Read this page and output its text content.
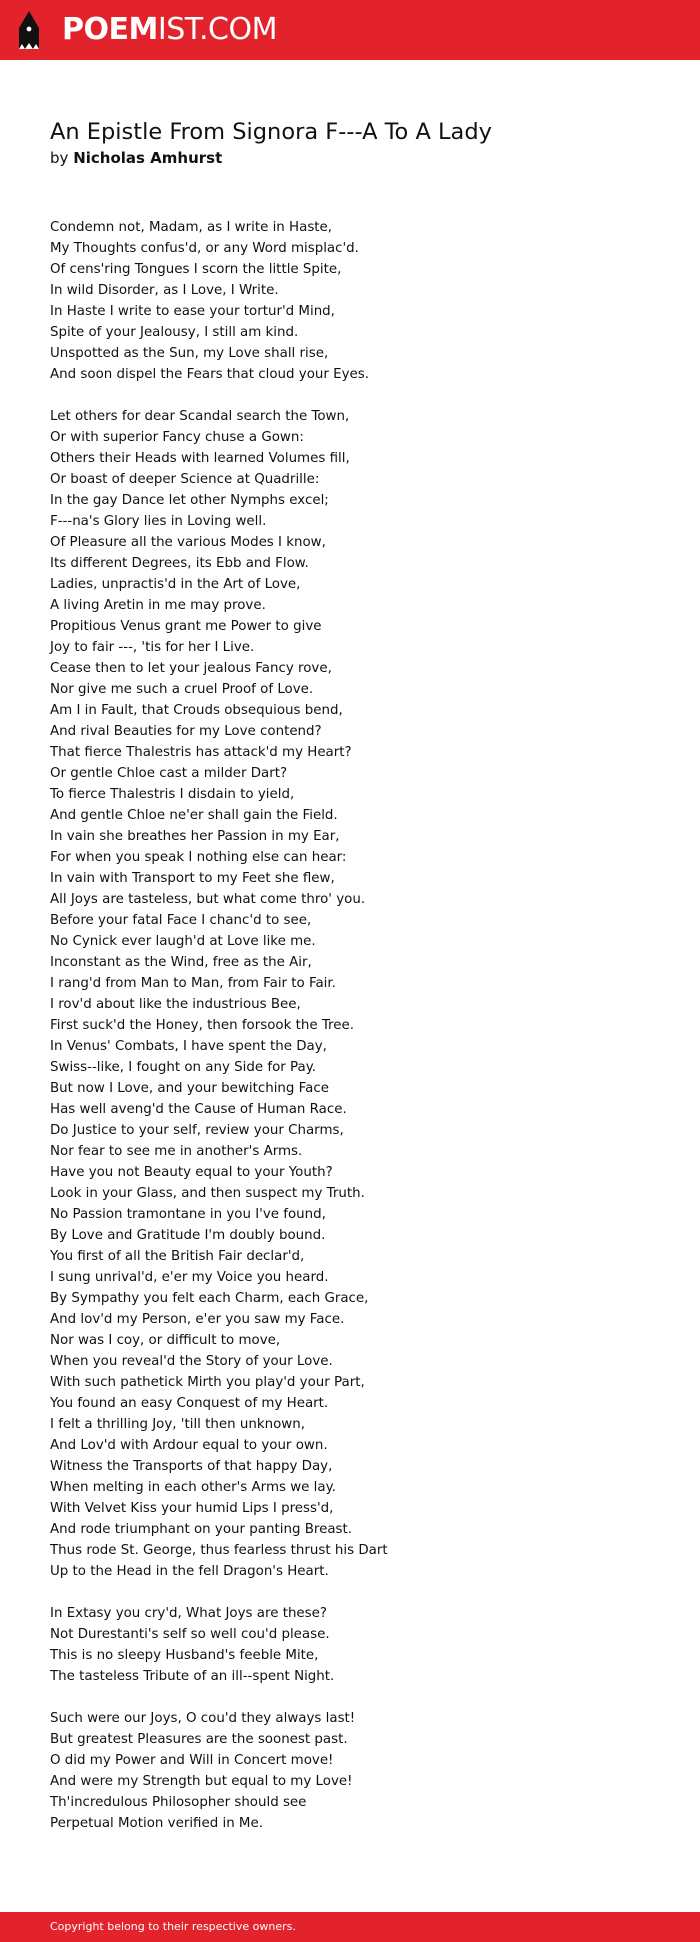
POEMIST.COM
An Epistle From Signora F---A To A Lady
by Nicholas Amhurst
Condemn not, Madam, as I write in Haste,
My Thoughts confus'd, or any Word misplac'd.
Of cens'ring Tongues I scorn the little Spite,
In wild Disorder, as I Love, I Write.
In Haste I write to ease your tortur'd Mind,
Spite of your Jealousy, I still am kind.
Unspotted as the Sun, my Love shall rise,
And soon dispel the Fears that cloud your Eyes.
Let others for dear Scandal search the Town,
Or with superior Fancy chuse a Gown:
Others their Heads with learned Volumes fill,
Or boast of deeper Science at Quadrille:
In the gay Dance let other Nymphs excel;
F---na's Glory lies in Loving well.
Of Pleasure all the various Modes I know,
Its different Degrees, its Ebb and Flow.
Ladies, unpractis'd in the Art of Love,
A living Aretin in me may prove.
Propitious Venus grant me Power to give
Joy to fair ---, 'tis for her I Live.
Cease then to let your jealous Fancy rove,
Nor give me such a cruel Proof of Love.
Am I in Fault, that Crouds obsequious bend,
And rival Beauties for my Love contend?
That fierce Thalestris has attack'd my Heart?
Or gentle Chloe cast a milder Dart?
To fierce Thalestris I disdain to yield,
And gentle Chloe ne'er shall gain the Field.
In vain she breathes her Passion in my Ear,
For when you speak I nothing else can hear:
In vain with Transport to my Feet she flew,
All Joys are tasteless, but what come thro' you.
Before your fatal Face I chanc'd to see,
No Cynick ever laugh'd at Love like me.
Inconstant as the Wind, free as the Air,
I rang'd from Man to Man, from Fair to Fair.
I rov'd about like the industrious Bee,
First suck'd the Honey, then forsook the Tree.
In Venus' Combats, I have spent the Day,
Swiss--like, I fought on any Side for Pay.
But now I Love, and your bewitching Face
Has well aveng'd the Cause of Human Race.
Do Justice to your self, review your Charms,
Nor fear to see me in another's Arms.
Have you not Beauty equal to your Youth?
Look in your Glass, and then suspect my Truth.
No Passion tramontane in you I've found,
By Love and Gratitude I'm doubly bound.
You first of all the British Fair declar'd,
I sung unrival'd, e'er my Voice you heard.
By Sympathy you felt each Charm, each Grace,
And lov'd my Person, e'er you saw my Face.
Nor was I coy, or difficult to move,
When you reveal'd the Story of your Love.
With such pathetick Mirth you play'd your Part,
You found an easy Conquest of my Heart.
I felt a thrilling Joy, 'till then unknown,
And Lov'd with Ardour equal to your own.
Witness the Transports of that happy Day,
When melting in each other's Arms we lay.
With Velvet Kiss your humid Lips I press'd,
And rode triumphant on your panting Breast.
Thus rode St. George, thus fearless thrust his Dart
Up to the Head in the fell Dragon's Heart.
In Extasy you cry'd, What Joys are these?
Not Durestanti's self so well cou'd please.
This is no sleepy Husband's feeble Mite,
The tasteless Tribute of an ill--spent Night.
Such were our Joys, O cou'd they always last!
But greatest Pleasures are the soonest past.
O did my Power and Will in Concert move!
And were my Strength but equal to my Love!
Th'incredulous Philosopher should see
Perpetual Motion verified in Me.
Copyright belong to their respective owners.
